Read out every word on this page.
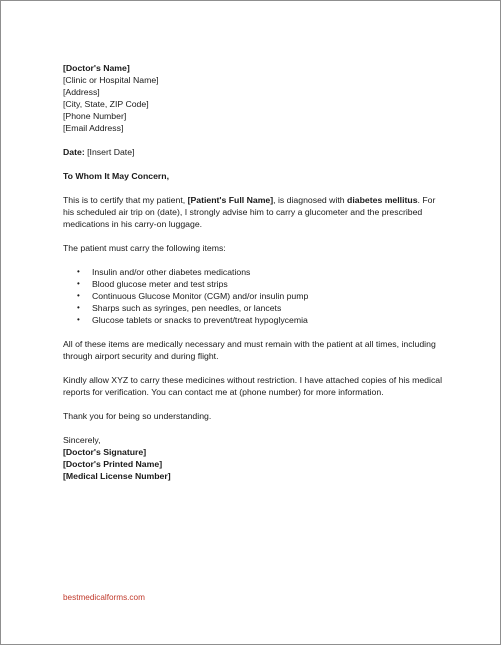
[Doctor's Name]
[Clinic or Hospital Name]
[Address]
[City, State, ZIP Code]
[Phone Number]
[Email Address]
Date: [Insert Date]
To Whom It May Concern,

This is to certify that my patient, [Patient's Full Name], is diagnosed with diabetes mellitus. For his scheduled air trip on (date), I strongly advise him to carry a glucometer and the prescribed medications in his carry-on luggage.

The patient must carry the following items:
• Insulin and/or other diabetes medications
• Blood glucose meter and test strips
• Continuous Glucose Monitor (CGM) and/or insulin pump
• Sharps such as syringes, pen needles, or lancets
• Glucose tablets or snacks to prevent/treat hypoglycemia

All of these items are medically necessary and must remain with the patient at all times, including through airport security and during flight.

Kindly allow XYZ to carry these medicines without restriction. I have attached copies of his medical reports for verification. You can contact me at (phone number) for more information.

Thank you for being so understanding.
Sincerely,
[Doctor's Signature]
[Doctor's Printed Name]
[Medical License Number]
bestmedicalforms.com
